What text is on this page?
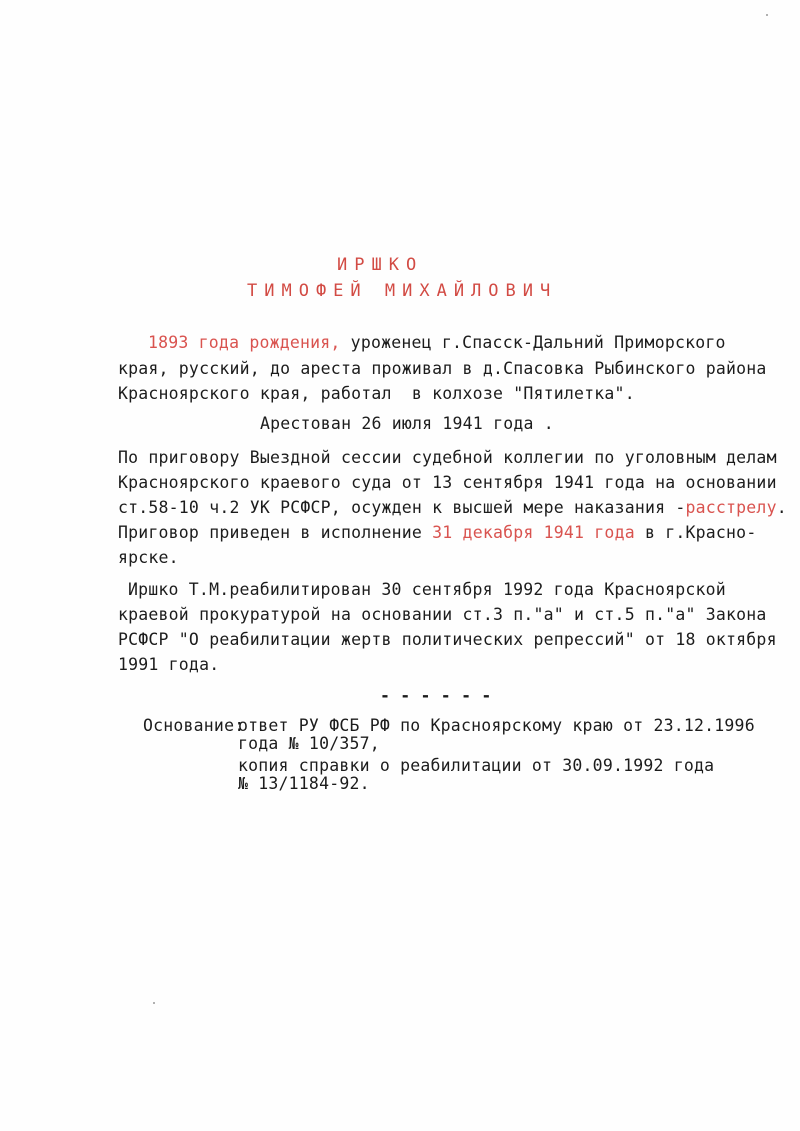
ИРШКО
ТИМОФЕЙ МИХАЙЛОВИЧ
1893 года рождения, уроженец г.Спасск-Дальний Приморского
края, русский, до ареста проживал в д.Спасовка Рыбинского района
Красноярского края, работал  в колхозе "Пятилетка".
Арестован 26 июля 1941 года .
По приговору Выездной сессии судебной коллегии по уголовным делам
Красноярского краевого суда от 13 сентября 1941 года на основании
ст.58-10 ч.2 УК РСФСР, осужден к высшей мере наказания -расстрелу.
Приговор приведен в исполнение 31 декабря 1941 года в г.Красно-
ярске.
Иршко Т.М.реабилитирован 30 сентября 1992 года Красноярской
краевой прокуратурой на основании ст.3 п."а" и ст.5 п."а" Закона
РСФСР "О реабилитации жертв политических репрессий" от 18 октября
1991 года.
- - - - - -
Основание:
ответ РУ ФСБ РФ по Красноярскому краю от 23.12.1996
года № 10/357,
копия справки о реабилитации от 30.09.1992 года
№ 13/1184-92.
